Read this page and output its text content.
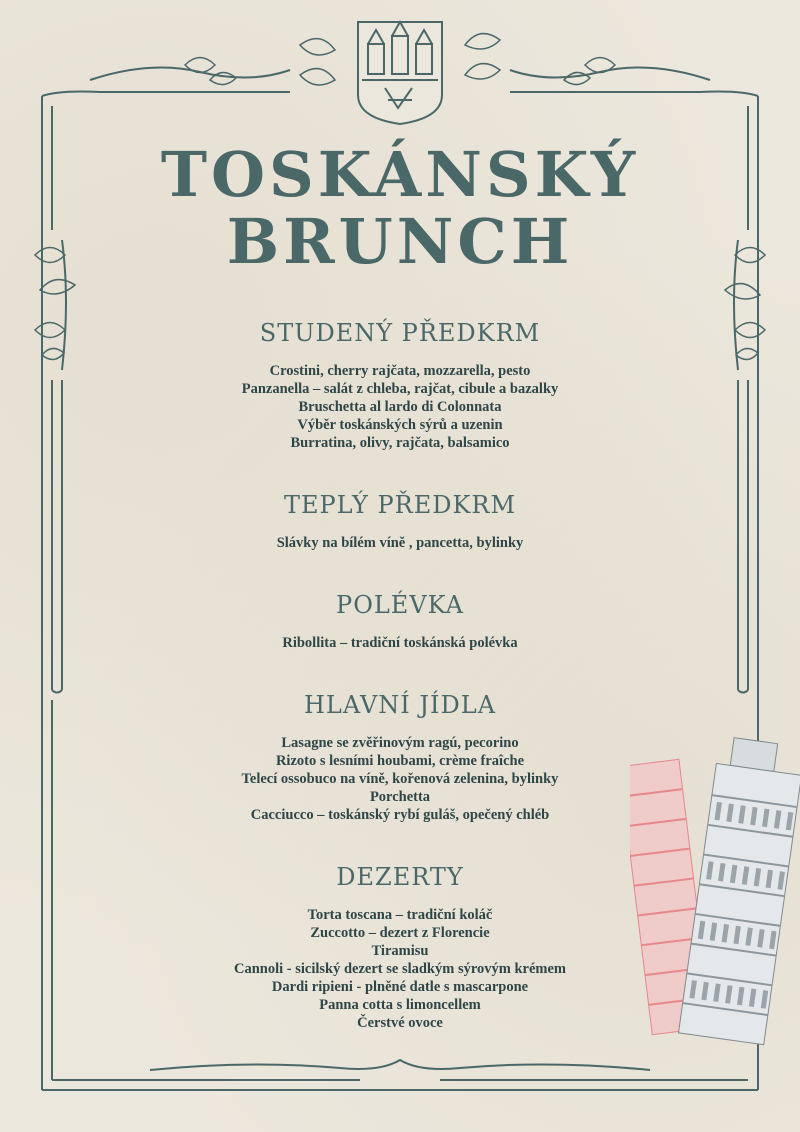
TOSKÁNSKÝ
BRUNCH
STUDENÝ PŘEDKRM
Crostini, cherry rajčata, mozzarella, pesto
Panzanella – salát z chleba, rajčat, cibule a bazalky
Bruschetta al lardo di Colonnata
Výběr toskánských sýrů a uzenin
Burratina, olivy, rajčata, balsamico
TEPLÝ PŘEDKRM
Slávky na bílém víně , pancetta, bylinky
POLÉVKA
Ribollita – tradiční toskánská polévka
HLAVNÍ JÍDLA
Lasagne se zvěřinovým ragú, pecorino
Rizoto s lesními houbami, crème fraîche
Telecí ossobuco na víně, kořenová zelenina, bylinky
Porchetta
Cacciucco – toskánský rybí guláš, opečený chléb
DEZERTY
Torta toscana – tradiční koláč
Zuccotto – dezert z Florencie
Tiramisu
Cannoli - sicilský dezert se sladkým sýrovým krémem
Dardi ripieni - plněné datle s mascarpone
Panna cotta s limoncellem
Čerstvé ovoce
